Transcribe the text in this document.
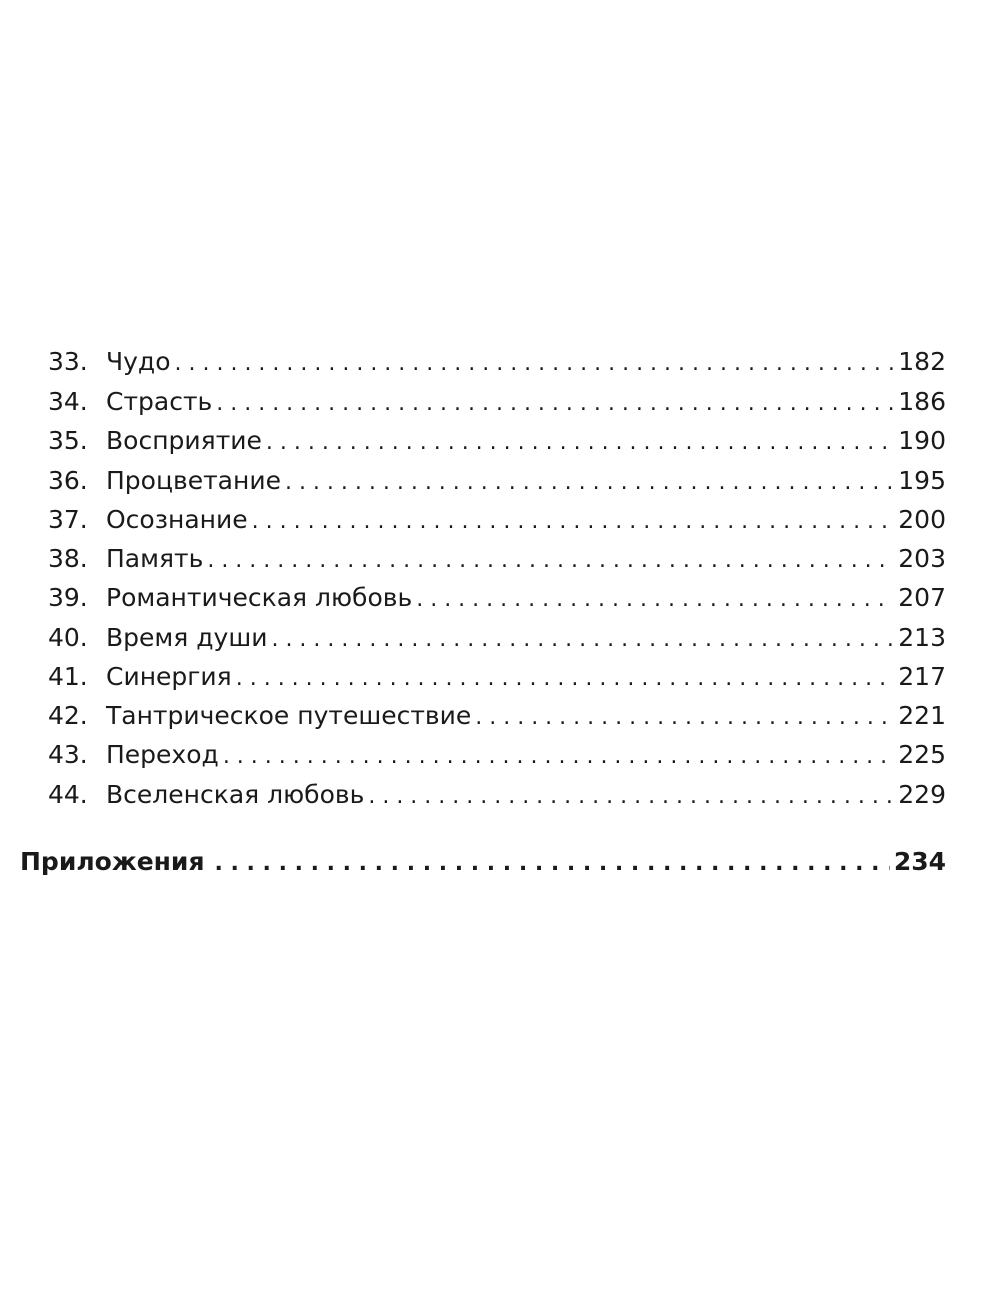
33. Чудо . . .	182
34. Страсть . . .	186
35. Восприятие . . .	190
36. Процветание . . .	195
37. Осознание . . .	200
38. Память . . .	203
39. Романтическая любовь . . .	207
40. Время души . . .	213
41. Синергия . . .	217
42. Тантрическое путешествие . . .	221
43. Переход . . .	225
44. Вселенская любовь . . .	229
Приложения . . .	234
